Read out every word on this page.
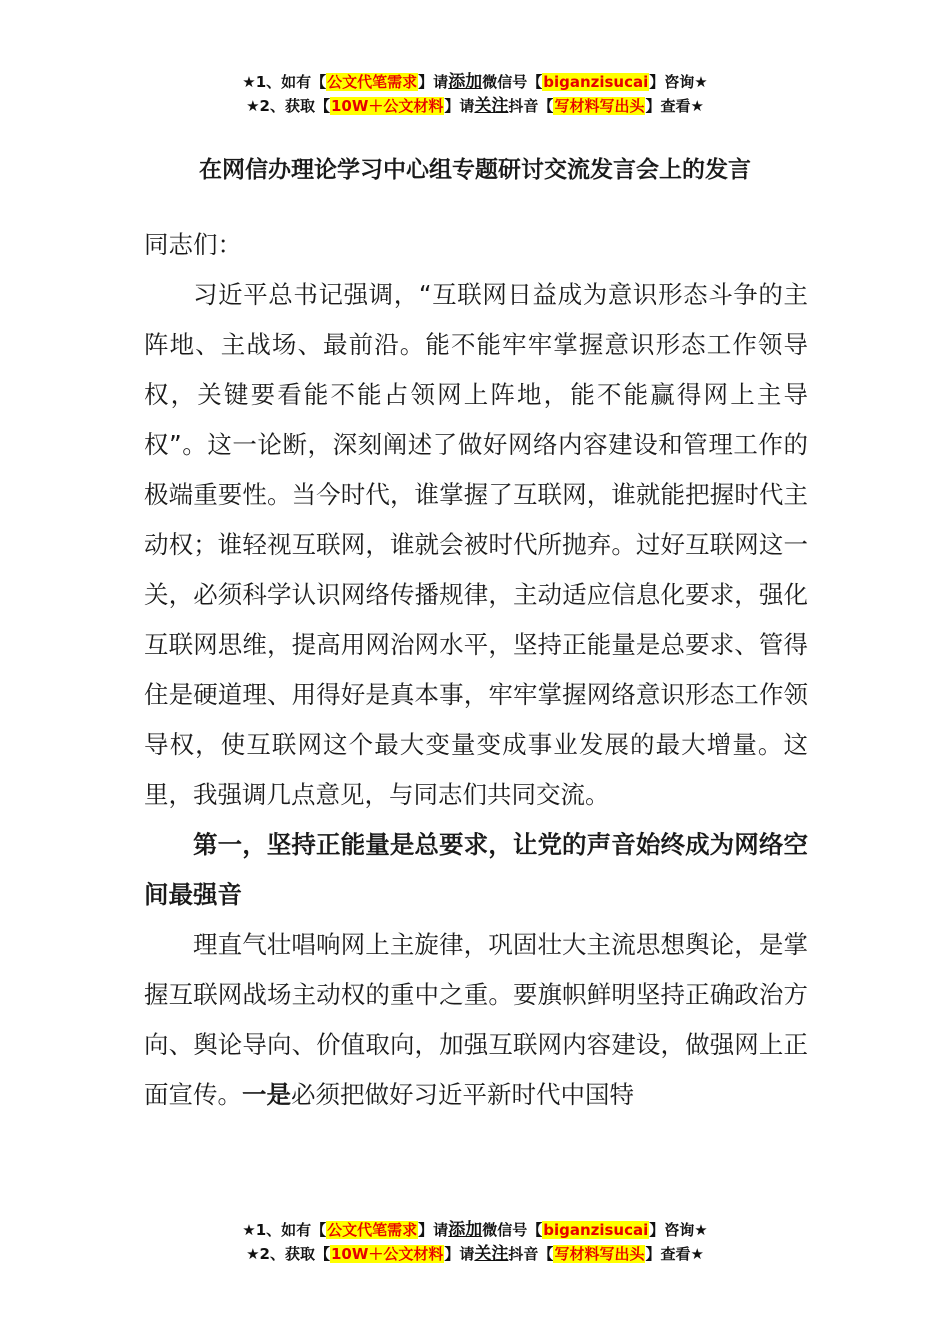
★1、如有【公文代笔需求】请添加微信号【biganzisucai】咨询★
★2、获取【10W＋公文材料】请关注抖音【写材料写出头】查看★
在网信办理论学习中心组专题研讨交流发言会上的发言

同志们：

习近平总书记强调，“互联网日益成为意识形态斗争的主阵地、主战场、最前沿。能不能牢牢掌握意识形态工作领导权，关键要看能不能占领网上阵地，能不能赢得网上主导权”。这一论断，深刻阐述了做好网络内容建设和管理工作的极端重要性。当今时代，谁掌握了互联网，谁就能把握时代主动权；谁轻视互联网，谁就会被时代所抛弃。过好互联网这一关，必须科学认识网络传播规律，主动适应信息化要求，强化互联网思维，提高用网治网水平，坚持正能量是总要求、管得住是硬道理、用得好是真本事，牢牢掌握网络意识形态工作领导权，使互联网这个最大变量变成事业发展的最大增量。这里，我强调几点意见，与同志们共同交流。

第一，坚持正能量是总要求，让党的声音始终成为网络空间最强音

理直气壮唱响网上主旋律，巩固壮大主流思想舆论，是掌握互联网战场主动权的重中之重。要旗帜鲜明坚持正确政治方向、舆论导向、价值取向，加强互联网内容建设，做强网上正面宣传。一是必须把做好习近平新时代中国特

★1、如有【公文代笔需求】请添加微信号【biganzisucai】咨询★
★2、获取【10W＋公文材料】请关注抖音【写材料写出头】查看★
